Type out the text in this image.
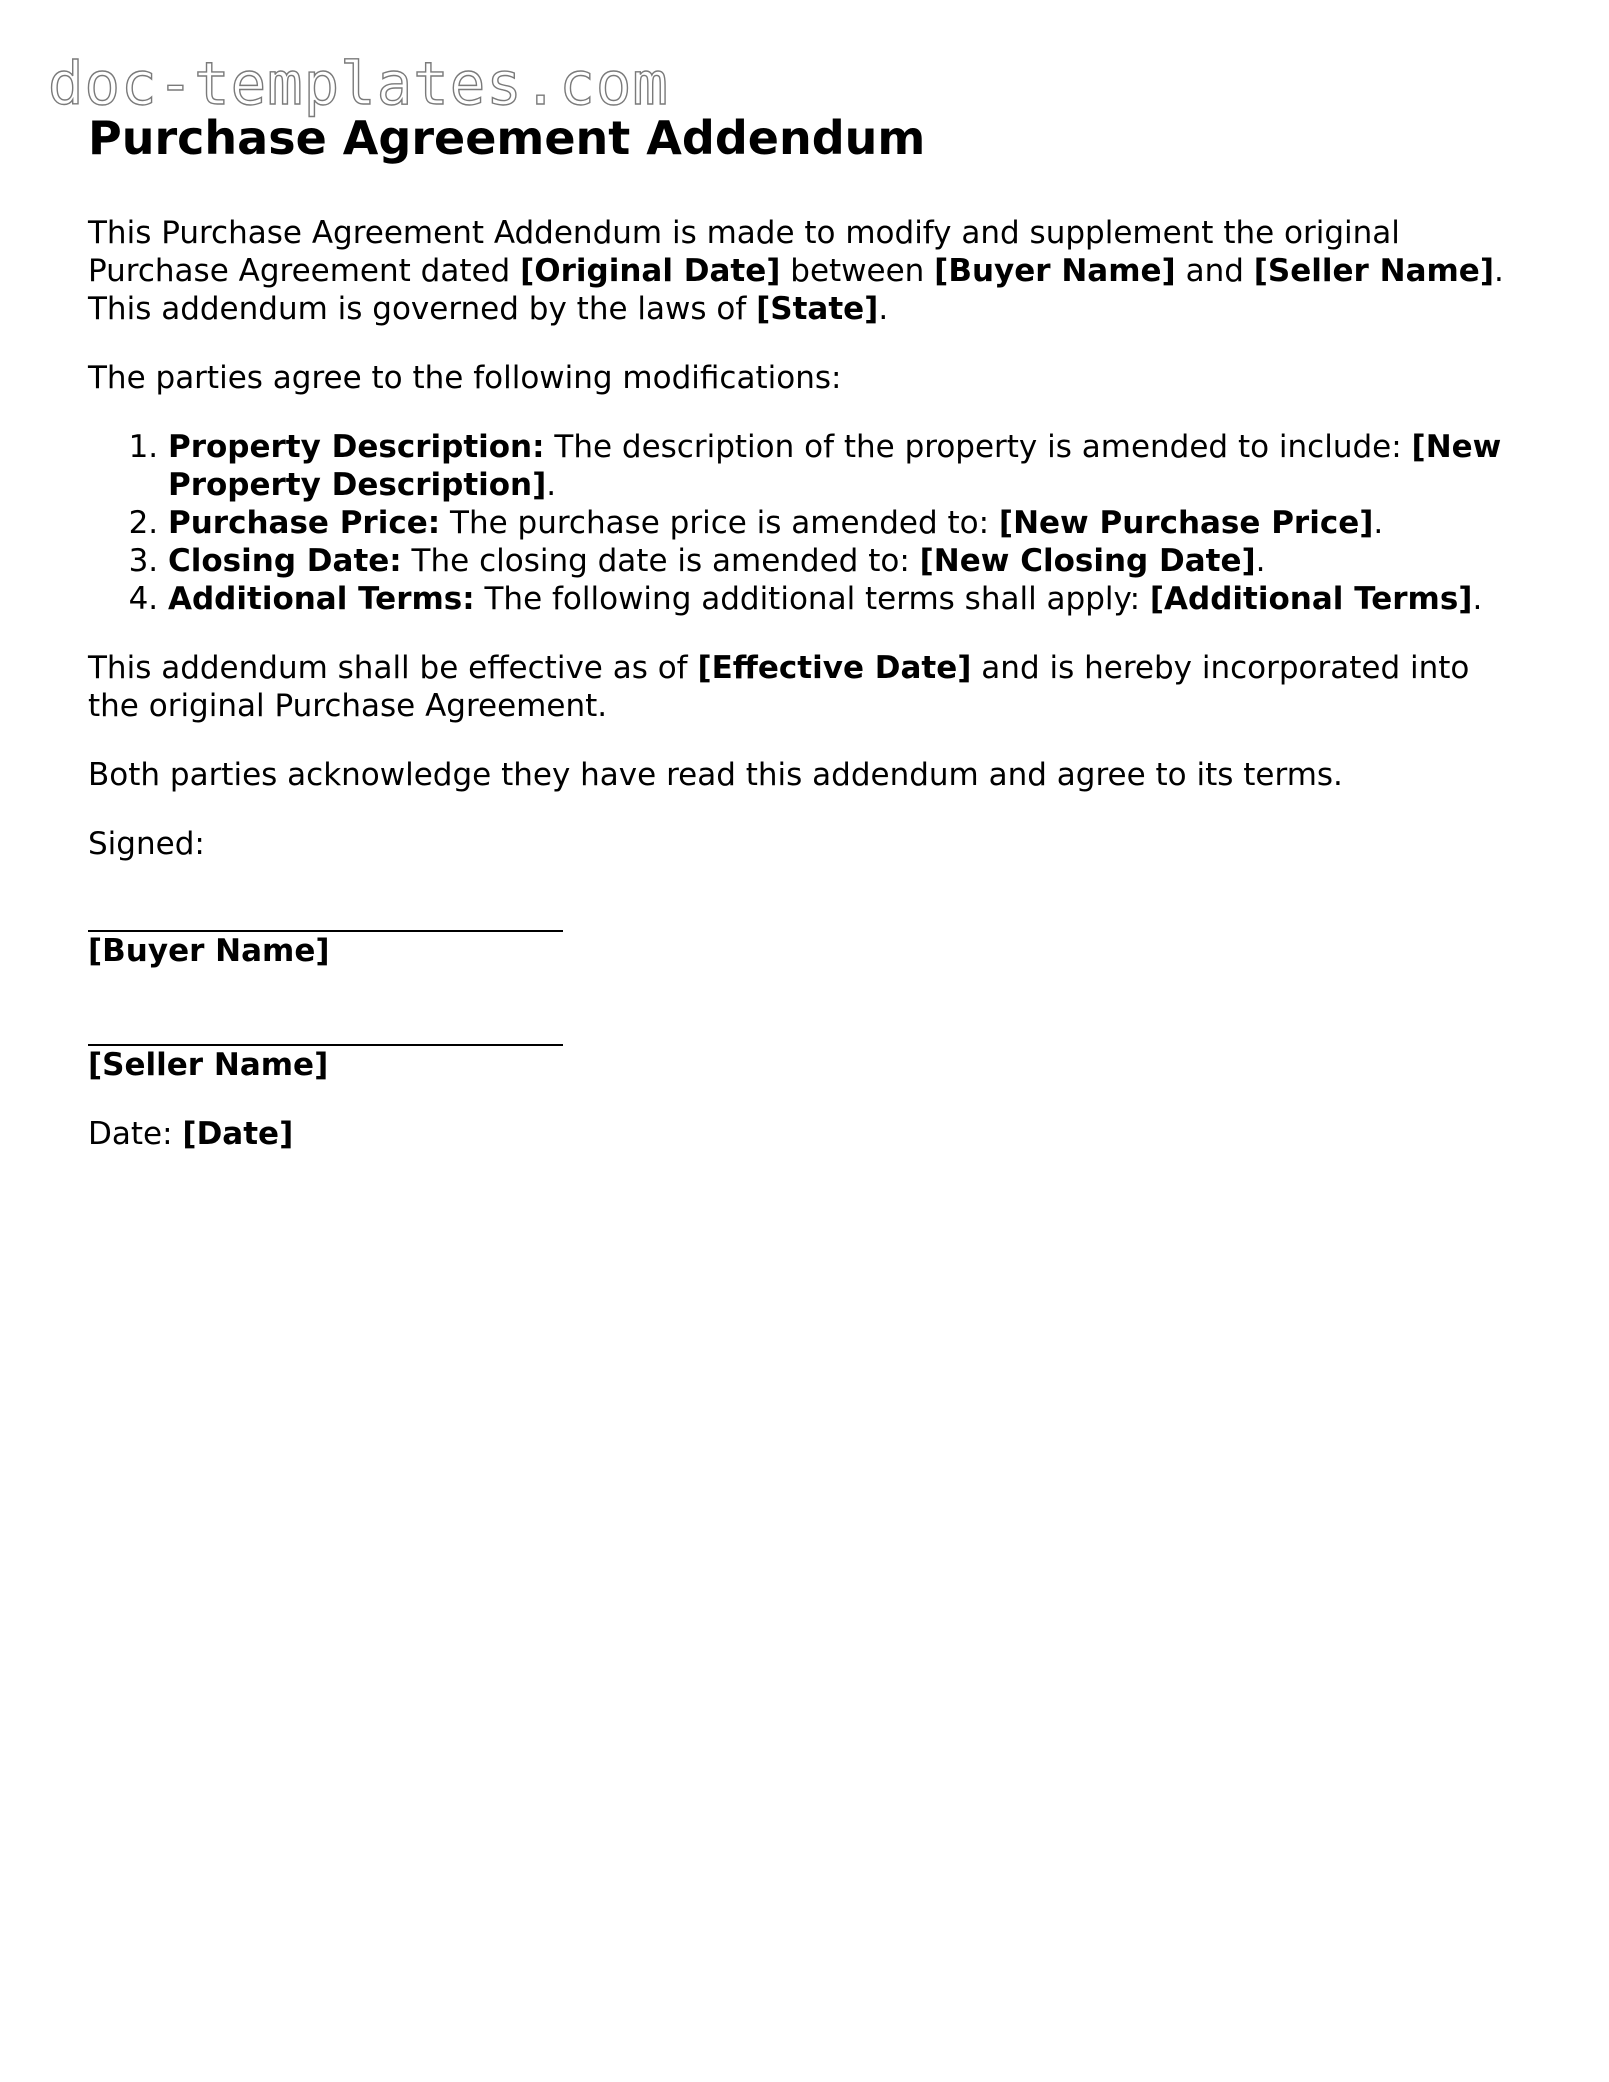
doc-templates.com
Purchase Agreement Addendum

This Purchase Agreement Addendum is made to modify and supplement the original Purchase Agreement dated [Original Date] between [Buyer Name] and [Seller Name]. This addendum is governed by the laws of [State].

The parties agree to the following modifications:

1. Property Description: The description of the property is amended to include: [New Property Description].
2. Purchase Price: The purchase price is amended to: [New Purchase Price].
3. Closing Date: The closing date is amended to: [New Closing Date].
4. Additional Terms: The following additional terms shall apply: [Additional Terms].

This addendum shall be effective as of [Effective Date] and is hereby incorporated into the original Purchase Agreement.

Both parties acknowledge they have read this addendum and agree to its terms.

Signed:

[Buyer Name]
[Seller Name]
Date: [Date]
